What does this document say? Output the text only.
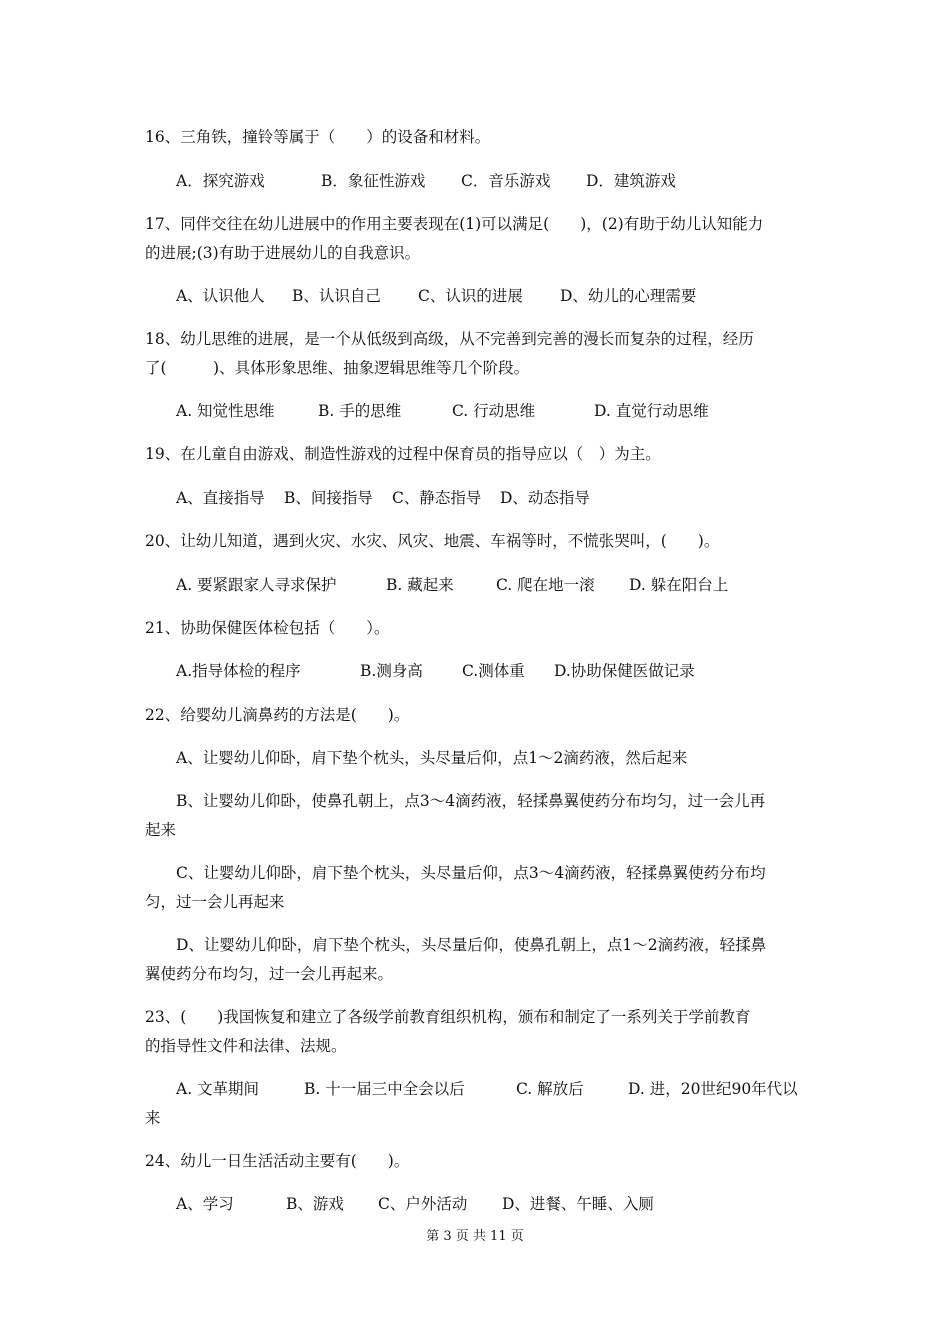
16、三角铁，撞铃等属于（　　）的设备和材料。
A．探究游戏	B．象征性游戏 C．音乐游戏 D．建筑游戏
17、同伴交往在幼儿进展中的作用主要表现在(1)可以满足(　　)，(2)有助于幼儿认知能力
的进展;(3)有助于进展幼儿的自我意识。
A、认识他人 B、认识自己 C、认识的进展 D、幼儿的心理需要
18、幼儿思维的进展，是一个从低级到高级，从不完善到完善的漫长而复杂的过程，经历
了(　　　)、具体形象思维、抽象逻辑思维等几个阶段。
A. 知觉性思维	B. 手的思维	C. 行动思维	D. 直觉行动思维
19、在儿童自由游戏、制造性游戏的过程中保育员的指导应以（　）为主。
A、直接指导 B、间接指导 C、静态指导 D、动态指导
20、让幼儿知道，遇到火灾、水灾、风灾、地震、车祸等时，不慌张哭叫，(　　)。
A. 要紧跟家人寻求保护	B. 藏起来	C. 爬在地一滚 D. 躲在阳台上
21、协助保健医体检包括（　　）。
A.指导体检的程序	B.测身高	C.测体重 D.协助保健医做记录
22、给婴幼儿滴鼻药的方法是(　　)。
A、让婴幼儿仰卧，肩下垫个枕头，头尽量后仰，点1～2滴药液，然后起来
B、让婴幼儿仰卧，使鼻孔朝上，点3～4滴药液，轻揉鼻翼使药分布均匀，过一会儿再
起来
C、让婴幼儿仰卧，肩下垫个枕头，头尽量后仰，点3～4滴药液，轻揉鼻翼使药分布均
匀，过一会儿再起来
D、让婴幼儿仰卧，肩下垫个枕头，头尽量后仰，使鼻孔朝上，点1～2滴药液，轻揉鼻
翼使药分布均匀，过一会儿再起来。
23、(　　)我国恢复和建立了各级学前教育组织机构，颁布和制定了一系列关于学前教育
的指导性文件和法律、法规。
A. 文革期间	B. 十一届三中全会以后	C. 解放后	D. 进，20世纪90年代以
来
24、幼儿一日生活活动主要有(　　)。
A、学习	B、游戏 C、户外活动 D、进餐、午睡、入厕
第 3 页 共 11 页
